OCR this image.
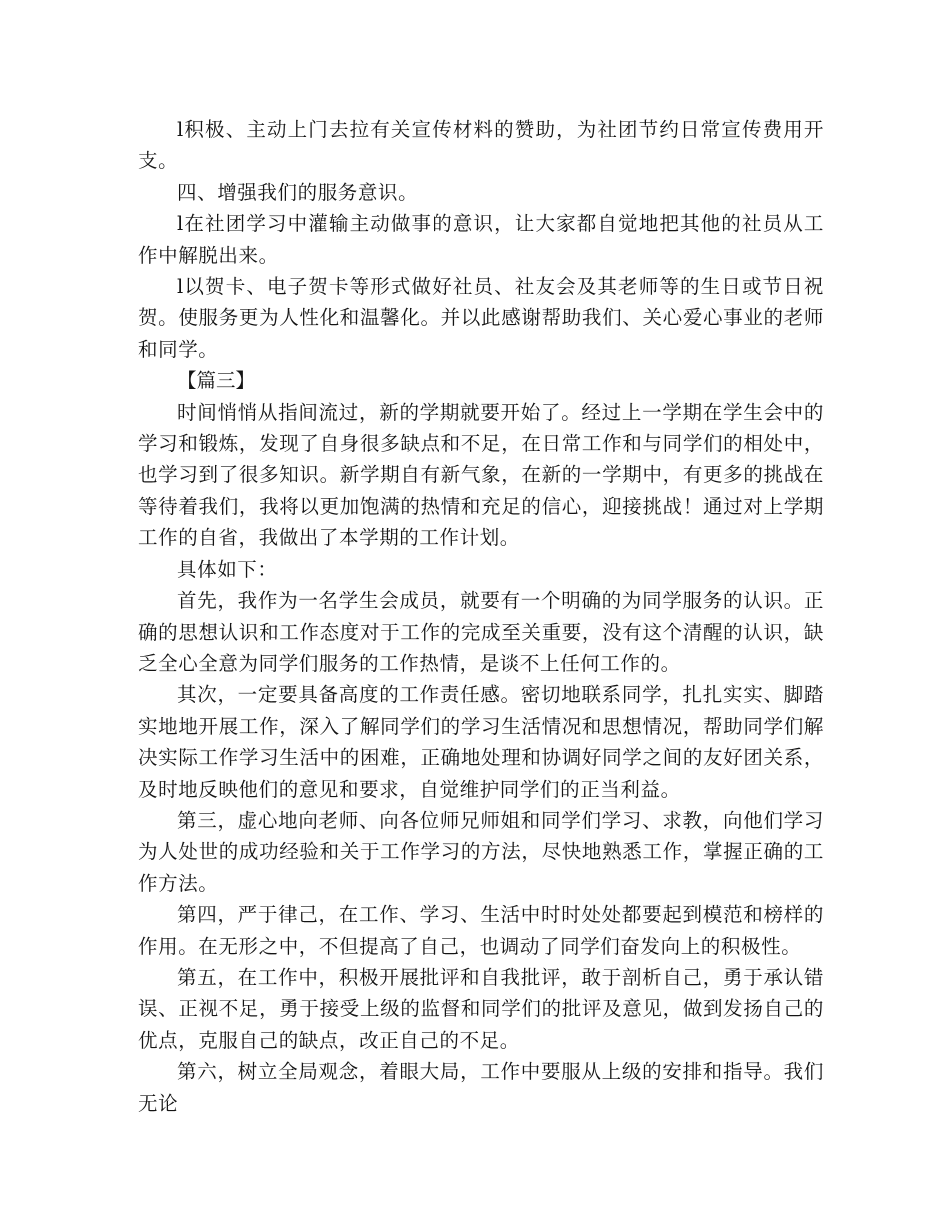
l积极、主动上门去拉有关宣传材料的赞助，为社团节约日常宣传费用开支。

四、增强我们的服务意识。

l在社团学习中灌输主动做事的意识，让大家都自觉地把其他的社员从工作中解脱出来。

l以贺卡、电子贺卡等形式做好社员、社友会及其老师等的生日或节日祝贺。使服务更为人性化和温馨化。并以此感谢帮助我们、关心爱心事业的老师和同学。

【篇三】

时间悄悄从指间流过，新的学期就要开始了。经过上一学期在学生会中的学习和锻炼，发现了自身很多缺点和不足，在日常工作和与同学们的相处中，也学习到了很多知识。新学期自有新气象，在新的一学期中，有更多的挑战在等待着我们，我将以更加饱满的热情和充足的信心，迎接挑战！通过对上学期工作的自省，我做出了本学期的工作计划。

具体如下：

首先，我作为一名学生会成员，就要有一个明确的为同学服务的认识。正确的思想认识和工作态度对于工作的完成至关重要，没有这个清醒的认识，缺乏全心全意为同学们服务的工作热情，是谈不上任何工作的。

其次，一定要具备高度的工作责任感。密切地联系同学，扎扎实实、脚踏实地地开展工作，深入了解同学们的学习生活情况和思想情况，帮助同学们解决实际工作学习生活中的困难，正确地处理和协调好同学之间的友好团关系，及时地反映他们的意见和要求，自觉维护同学们的正当利益。

第三，虚心地向老师、向各位师兄师姐和同学们学习、求教，向他们学习为人处世的成功经验和关于工作学习的方法，尽快地熟悉工作，掌握正确的工作方法。

第四，严于律己，在工作、学习、生活中时时处处都要起到模范和榜样的作用。在无形之中，不但提高了自己，也调动了同学们奋发向上的积极性。

第五，在工作中，积极开展批评和自我批评，敢于剖析自己，勇于承认错误、正视不足，勇于接受上级的监督和同学们的批评及意见，做到发扬自己的优点，克服自己的缺点，改正自己的不足。

第六，树立全局观念，着眼大局，工作中要服从上级的安排和指导。我们无论
